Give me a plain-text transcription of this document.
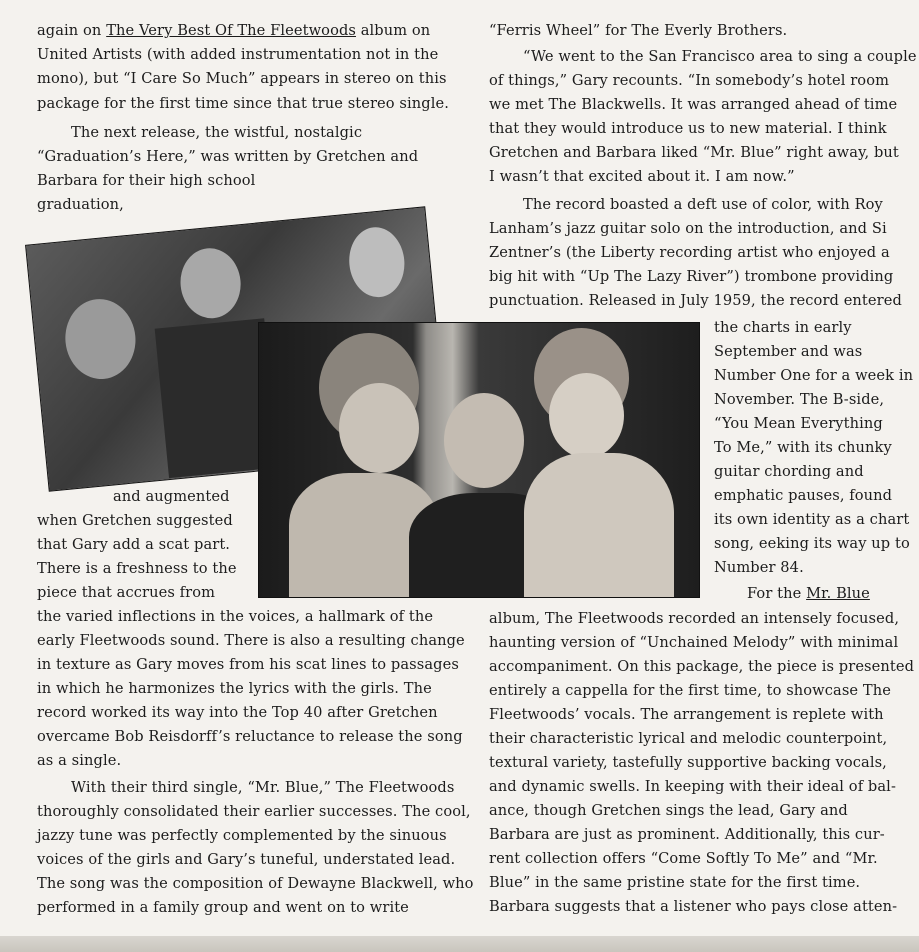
again on The Very Best Of The Fleetwoods album on
United Artists (with added instrumentation not in the
mono), but “I Care So Much” appears in stereo on this
package for the first time since that true stereo single.
The next release, the wistful, nostalgic
“Graduation’s Here,” was written by Gretchen and
Barbara for their high school
graduation,
and augmented
when Gretchen suggested
that Gary add a scat part.
There is a freshness to the
piece that accrues from
the varied inflections in the voices, a hallmark of the
early Fleetwoods sound. There is also a resulting change
in texture as Gary moves from his scat lines to passages
in which he harmonizes the lyrics with the girls. The
record worked its way into the Top 40 after Gretchen
overcame Bob Reisdorff’s reluctance to release the song
as a single.
With their third single, “Mr. Blue,” The Fleetwoods
thoroughly consolidated their earlier successes. The cool,
jazzy tune was perfectly complemented by the sinuous
voices of the girls and Gary’s tuneful, understated lead.
The song was the composition of Dewayne Blackwell, who
performed in a family group and went on to write
“Ferris Wheel” for The Everly Brothers.
“We went to the San Francisco area to sing a couple
of things,” Gary recounts. “In somebody’s hotel room
we met The Blackwells. It was arranged ahead of time
that they would introduce us to new material. I think
Gretchen and Barbara liked “Mr. Blue” right away, but
I wasn’t that excited about it. I am now.”
The record boasted a deft use of color, with Roy
Lanham’s jazz guitar solo on the introduction, and Si
Zentner’s (the Liberty recording artist who enjoyed a
big hit with “Up The Lazy River”) trombone providing
punctuation. Released in July 1959, the record entered
the charts in early
September and was
Number One for a week in
November. The B-side,
“You Mean Everything
To Me,” with its chunky
guitar chording and
emphatic pauses, found
its own identity as a chart
song, eeking its way up to
Number 84.
For the Mr. Blue
album, The Fleetwoods recorded an intensely focused,
haunting version of “Unchained Melody” with minimal
accompaniment. On this package, the piece is presented
entirely a cappella for the first time, to showcase The
Fleetwoods’ vocals. The arrangement is replete with
their characteristic lyrical and melodic counterpoint,
textural variety, tastefully supportive backing vocals,
and dynamic swells. In keeping with their ideal of bal-
ance, though Gretchen sings the lead, Gary and
Barbara are just as prominent. Additionally, this cur-
rent collection offers “Come Softly To Me” and “Mr.
Blue” in the same pristine state for the first time.
Barbara suggests that a listener who pays close atten-
